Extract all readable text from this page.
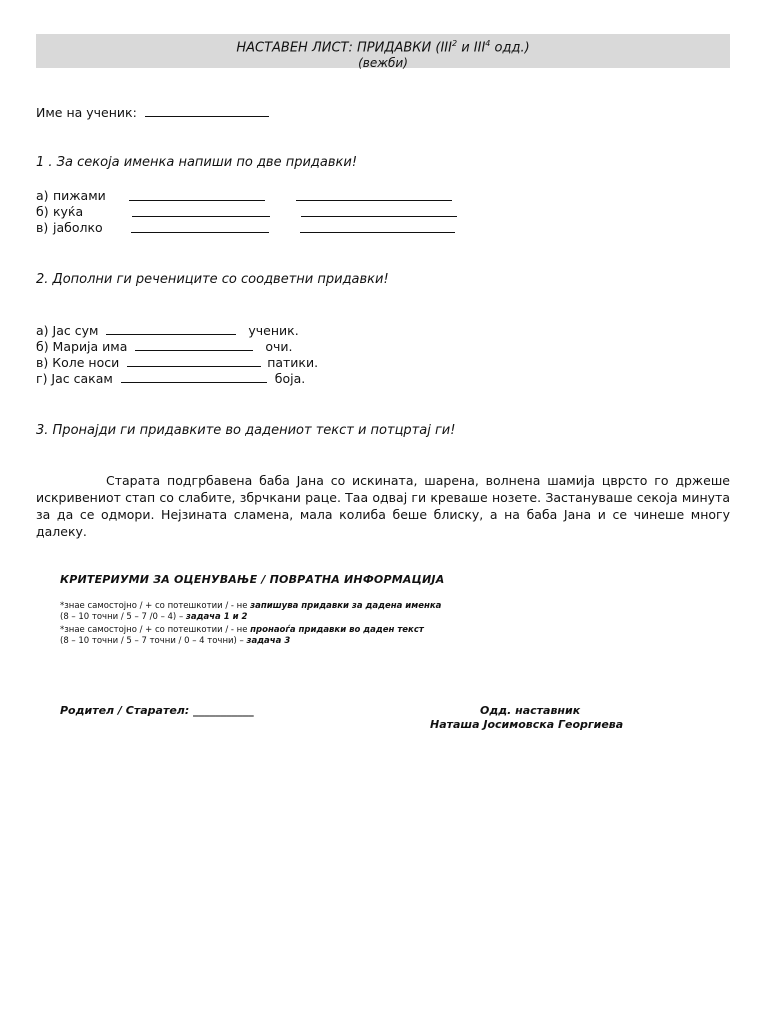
НАСТАВЕН ЛИСТ: ПРИДАВКИ (III$^2$ и III$^4$ одд.)
(вежби)
Име на ученик:
1 . За секоја именка напиши по две придавки!
а) пижами
б) куќа
в) јаболко
2. Дополни ги речениците со соодветни придавки!
а) Јас сум	ученик.
б) Марија има	очи.
в) Коле носи	патики.
г) Јас сакам	боја.
3. Пронајди ги придавките во дадениот текст и потцртај ги!
Старата подгрбавена баба Јана со искината, шарена, волнена шамија цврсто го држеше искривениот стап со слабите, збрчкани раце. Таа одвај ги креваше нозете. Застануваше секоја минута за да се одмори. Нејзината сламена, мала колиба беше блиску, а на баба Јана и се чинеше многу далеку.
КРИТЕРИУМИ ЗА ОЦЕНУВАЊЕ / ПОВРАТНА ИНФОРМАЦИЈА
*знае самостојно / + со потешкотии / - не запишува придавки за дадена именка
(8 – 10 точни / 5 – 7 /0 – 4) – задача 1 и 2
*знае самостојно / + со потешкотии / - не пронаоѓа придавки во даден текст
(8 – 10 точни / 5 – 7 точни / 0 – 4 точни) – задача 3
Родител / Старател: ___________	Одд. наставник
Наташа Јосимовска Георгиева
